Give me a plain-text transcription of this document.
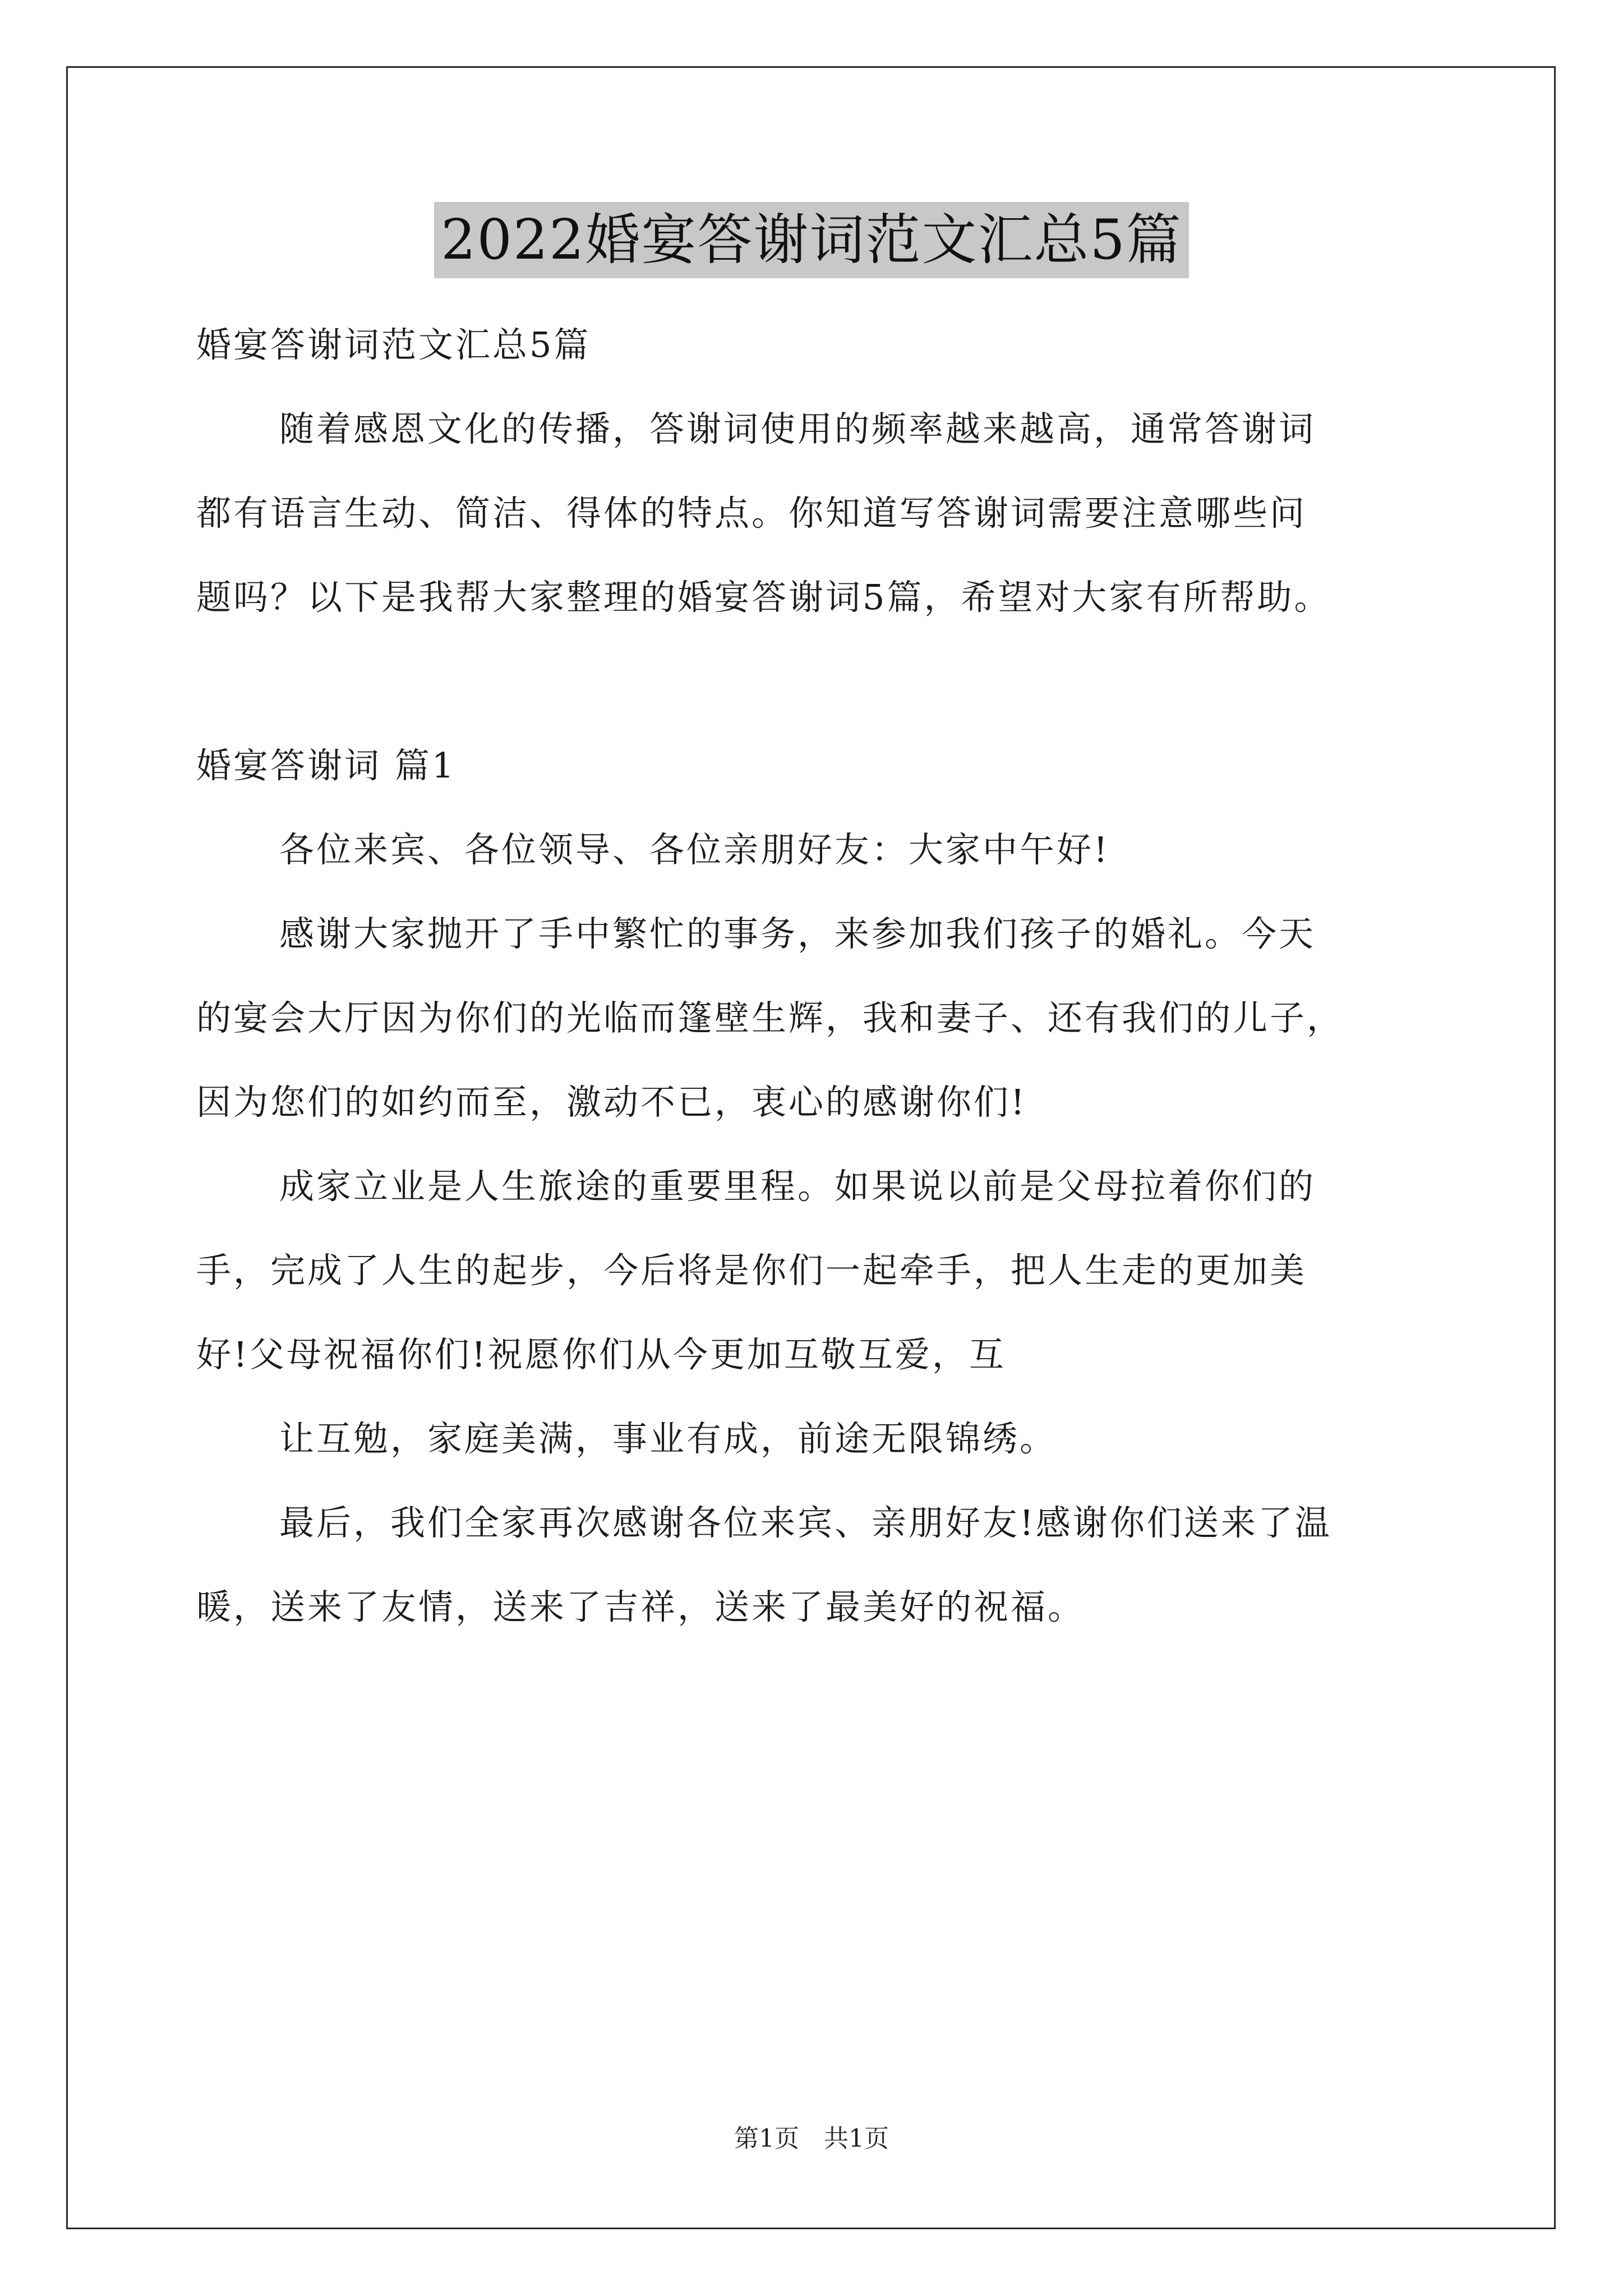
2022婚宴答谢词范文汇总5篇

婚宴答谢词范文汇总5篇

随着感恩文化的传播，答谢词使用的频率越来越高，通常答谢词

都有语言生动、简洁、得体的特点。你知道写答谢词需要注意哪些问

题吗？以下是我帮大家整理的婚宴答谢词5篇，希望对大家有所帮助。

婚宴答谢词 篇1

各位来宾、各位领导、各位亲朋好友：大家中午好!

感谢大家抛开了手中繁忙的事务，来参加我们孩子的婚礼。今天

的宴会大厅因为你们的光临而篷壁生辉，我和妻子、还有我们的儿子，

因为您们的如约而至，激动不已，衷心的感谢你们!

成家立业是人生旅途的重要里程。如果说以前是父母拉着你们的

手，完成了人生的起步，今后将是你们一起牵手，把人生走的更加美

好!父母祝福你们!祝愿你们从今更加互敬互爱，互

让互勉，家庭美满，事业有成，前途无限锦绣。

最后，我们全家再次感谢各位来宾、亲朋好友!感谢你们送来了温

暖，送来了友情，送来了吉祥，送来了最美好的祝福。

第1页　共1页
